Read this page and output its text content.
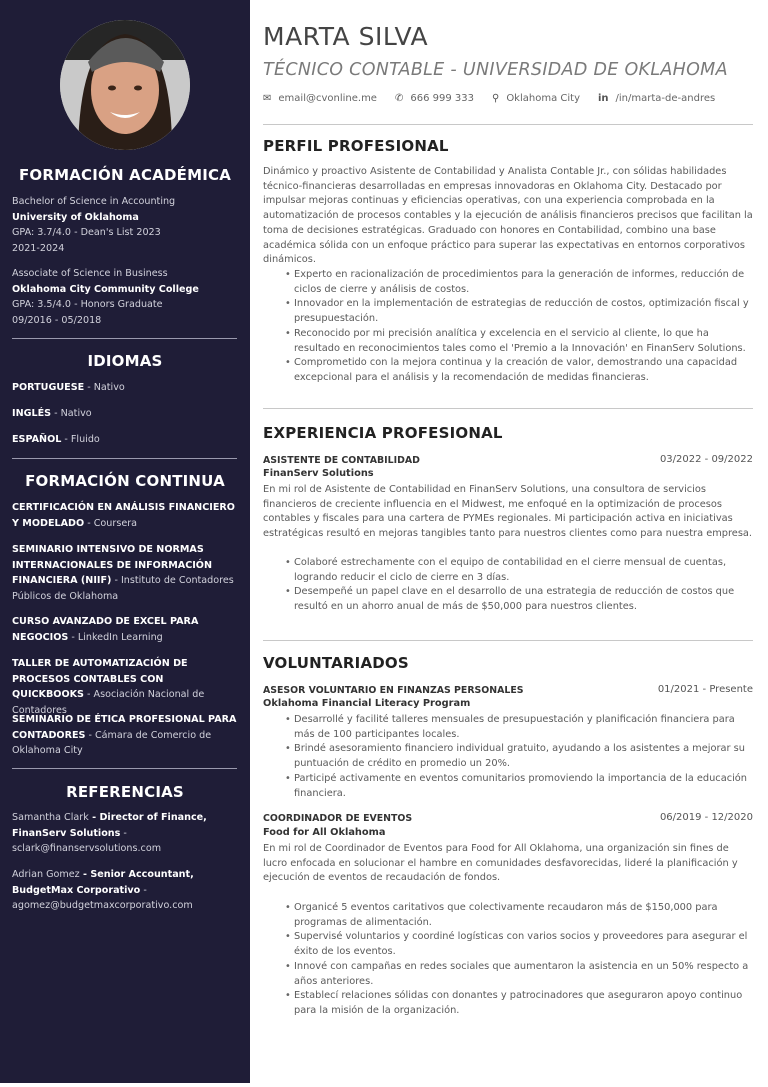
FORMACIÓN ACADÉMICA
Bachelor of Science in Accounting
University of Oklahoma
GPA: 3.7/4.0 - Dean's List 2023
2021-2024
Associate of Science in Business
Oklahoma City Community College
GPA: 3.5/4.0 - Honors Graduate
09/2016 - 05/2018
IDIOMAS
PORTUGUESE - Nativo
INGLÉS - Nativo
ESPAÑOL - Fluido
FORMACIÓN CONTINUA
CERTIFICACIÓN EN ANÁLISIS FINANCIERO Y MODELADO - Coursera
SEMINARIO INTENSIVO DE NORMAS INTERNACIONALES DE INFORMACIÓN FINANCIERA (NIIF) - Instituto de Contadores Públicos de Oklahoma
CURSO AVANZADO DE EXCEL PARA NEGOCIOS - LinkedIn Learning
TALLER DE AUTOMATIZACIÓN DE PROCESOS CONTABLES CON QUICKBOOKS - Asociación Nacional de Contadores
SEMINARIO DE ÉTICA PROFESIONAL PARA CONTADORES - Cámara de Comercio de Oklahoma City
REFERENCIAS
Samantha Clark - Director of Finance, FinanServ Solutions - sclark@finanservsolutions.com
Adrian Gomez - Senior Accountant, BudgetMax Corporativo - agomez@budgetmaxcorporativo.com
MARTA SILVA
TÉCNICO CONTABLE - UNIVERSIDAD DE OKLAHOMA
✉ email@cvonline.me ✆ 666 999 333 ⚲ Oklahoma City in /in/marta-de-andres
PERFIL PROFESIONAL
Dinámico y proactivo Asistente de Contabilidad y Analista Contable Jr., con sólidas habilidades técnico-financieras desarrolladas en empresas innovadoras en Oklahoma City. Destacado por impulsar mejoras continuas y eficiencias operativas, con una experiencia comprobada en la automatización de procesos contables y la ejecución de análisis financieros precisos que facilitan la toma de decisiones estratégicas. Graduado con honores en Contabilidad, combino una base académica sólida con un enfoque práctico para superar las expectativas en entornos corporativos dinámicos.
• Experto en racionalización de procedimientos para la generación de informes, reducción de ciclos de cierre y análisis de costos.
• Innovador en la implementación de estrategias de reducción de costos, optimización fiscal y presupuestación.
• Reconocido por mi precisión analítica y excelencia en el servicio al cliente, lo que ha resultado en reconocimientos tales como el 'Premio a la Innovación' en FinanServ Solutions.
• Comprometido con la mejora continua y la creación de valor, demostrando una capacidad excepcional para el análisis y la recomendación de medidas financieras.
EXPERIENCIA PROFESIONAL
ASISTENTE DE CONTABILIDAD	03/2022 - 09/2022
FinanServ Solutions
En mi rol de Asistente de Contabilidad en FinanServ Solutions, una consultora de servicios financieros de creciente influencia en el Midwest, me enfoqué en la optimización de procesos contables y fiscales para una cartera de PYMEs regionales. Mi participación activa en iniciativas estratégicas resultó en mejoras tangibles tanto para nuestros clientes como para nuestra empresa.
• Colaboré estrechamente con el equipo de contabilidad en el cierre mensual de cuentas, logrando reducir el ciclo de cierre en 3 días.
• Desempeñé un papel clave en el desarrollo de una estrategia de reducción de costos que resultó en un ahorro anual de más de $50,000 para nuestros clientes.
VOLUNTARIADOS
ASESOR VOLUNTARIO EN FINANZAS PERSONALES	01/2021 - Presente
Oklahoma Financial Literacy Program
• Desarrollé y facilité talleres mensuales de presupuestación y planificación financiera para más de 100 participantes locales.
• Brindé asesoramiento financiero individual gratuito, ayudando a los asistentes a mejorar su puntuación de crédito en promedio un 20%.
• Participé activamente en eventos comunitarios promoviendo la importancia de la educación financiera.
COORDINADOR DE EVENTOS	06/2019 - 12/2020
Food for All Oklahoma
En mi rol de Coordinador de Eventos para Food for All Oklahoma, una organización sin fines de lucro enfocada en solucionar el hambre en comunidades desfavorecidas, lideré la planificación y ejecución de eventos de recaudación de fondos.
• Organicé 5 eventos caritativos que colectivamente recaudaron más de $150,000 para programas de alimentación.
• Supervisé voluntarios y coordiné logísticas con varios socios y proveedores para asegurar el éxito de los eventos.
• Innové con campañas en redes sociales que aumentaron la asistencia en un 50% respecto a años anteriores.
• Establecí relaciones sólidas con donantes y patrocinadores que aseguraron apoyo continuo para la misión de la organización.
